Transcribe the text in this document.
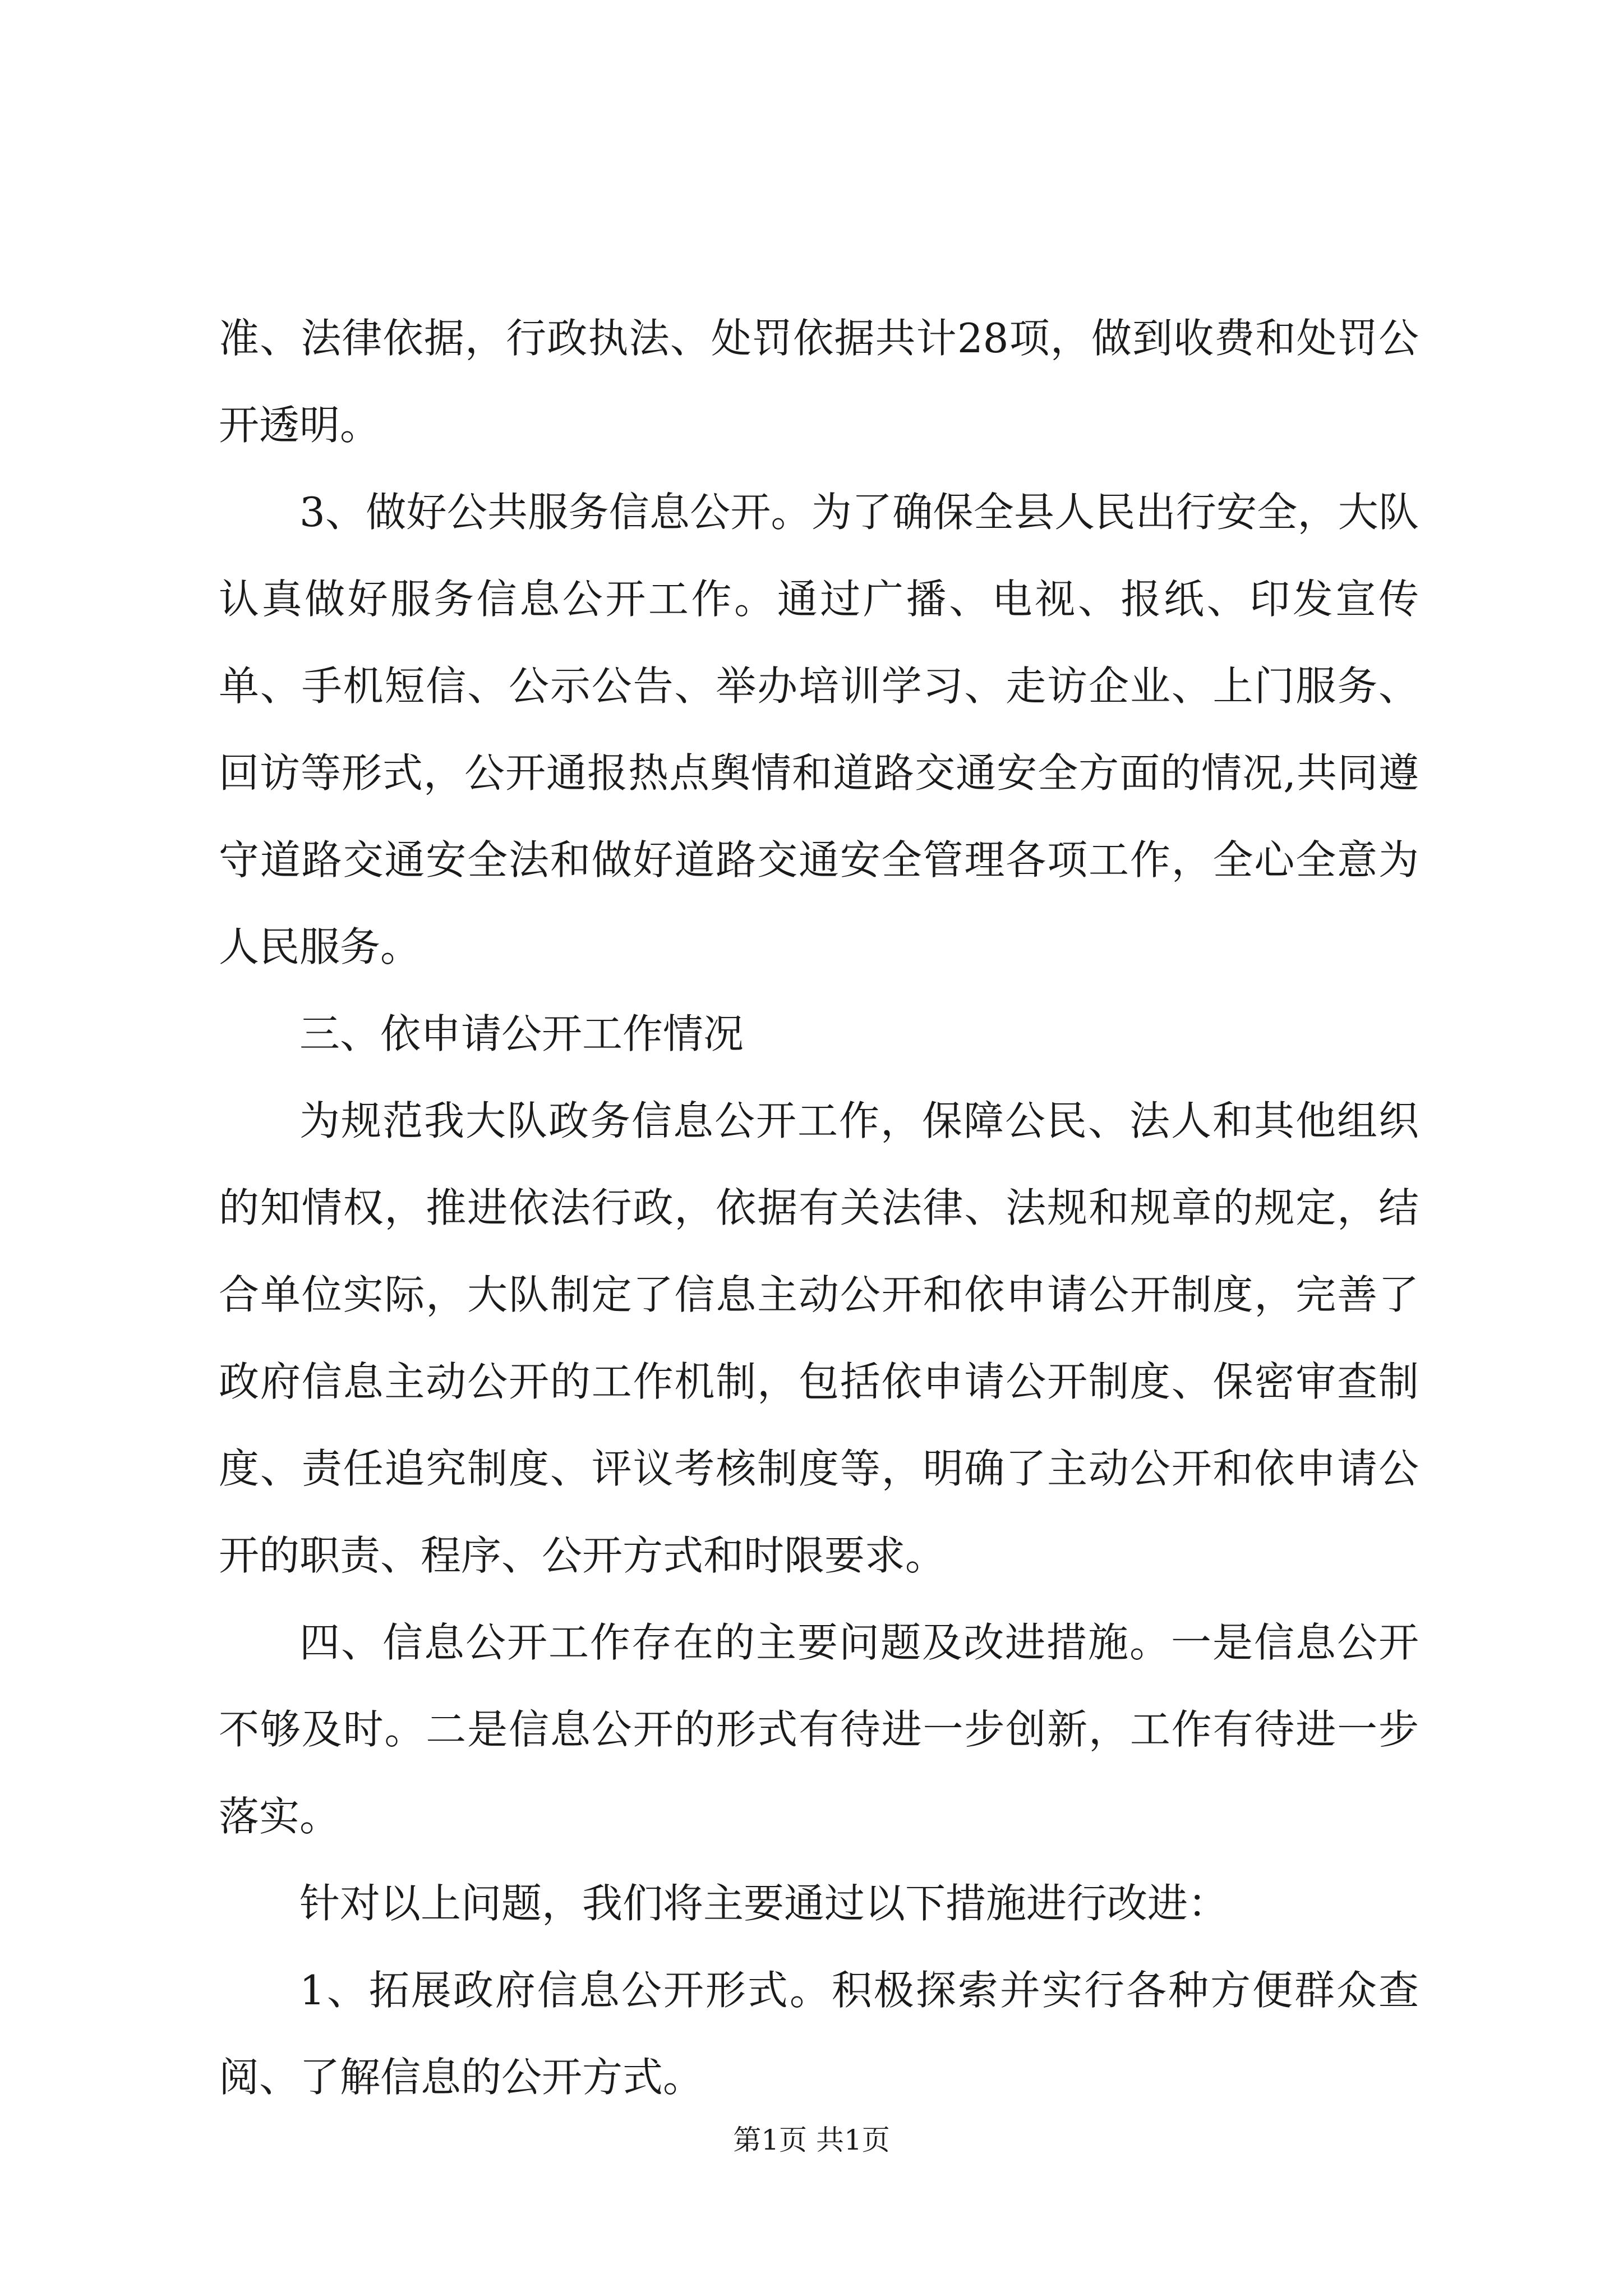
准、法律依据，行政执法、处罚依据共计28项，做到收费和处罚公开透明。

3、做好公共服务信息公开。为了确保全县人民出行安全，大队认真做好服务信息公开工作。通过广播、电视、报纸、印发宣传单、手机短信、公示公告、举办培训学习、走访企业、上门服务、回访等形式，公开通报热点舆情和道路交通安全方面的情况,共同遵守道路交通安全法和做好道路交通安全管理各项工作，全心全意为人民服务。

三、依申请公开工作情况

为规范我大队政务信息公开工作，保障公民、法人和其他组织的知情权，推进依法行政，依据有关法律、法规和规章的规定，结合单位实际，大队制定了信息主动公开和依申请公开制度，完善了政府信息主动公开的工作机制，包括依申请公开制度、保密审查制度、责任追究制度、评议考核制度等，明确了主动公开和依申请公开的职责、程序、公开方式和时限要求。

四、信息公开工作存在的主要问题及改进措施。一是信息公开不够及时。二是信息公开的形式有待进一步创新，工作有待进一步落实。

针对以上问题，我们将主要通过以下措施进行改进：

1、拓展政府信息公开形式。积极探索并实行各种方便群众查阅、了解信息的公开方式。

第1页 共1页
